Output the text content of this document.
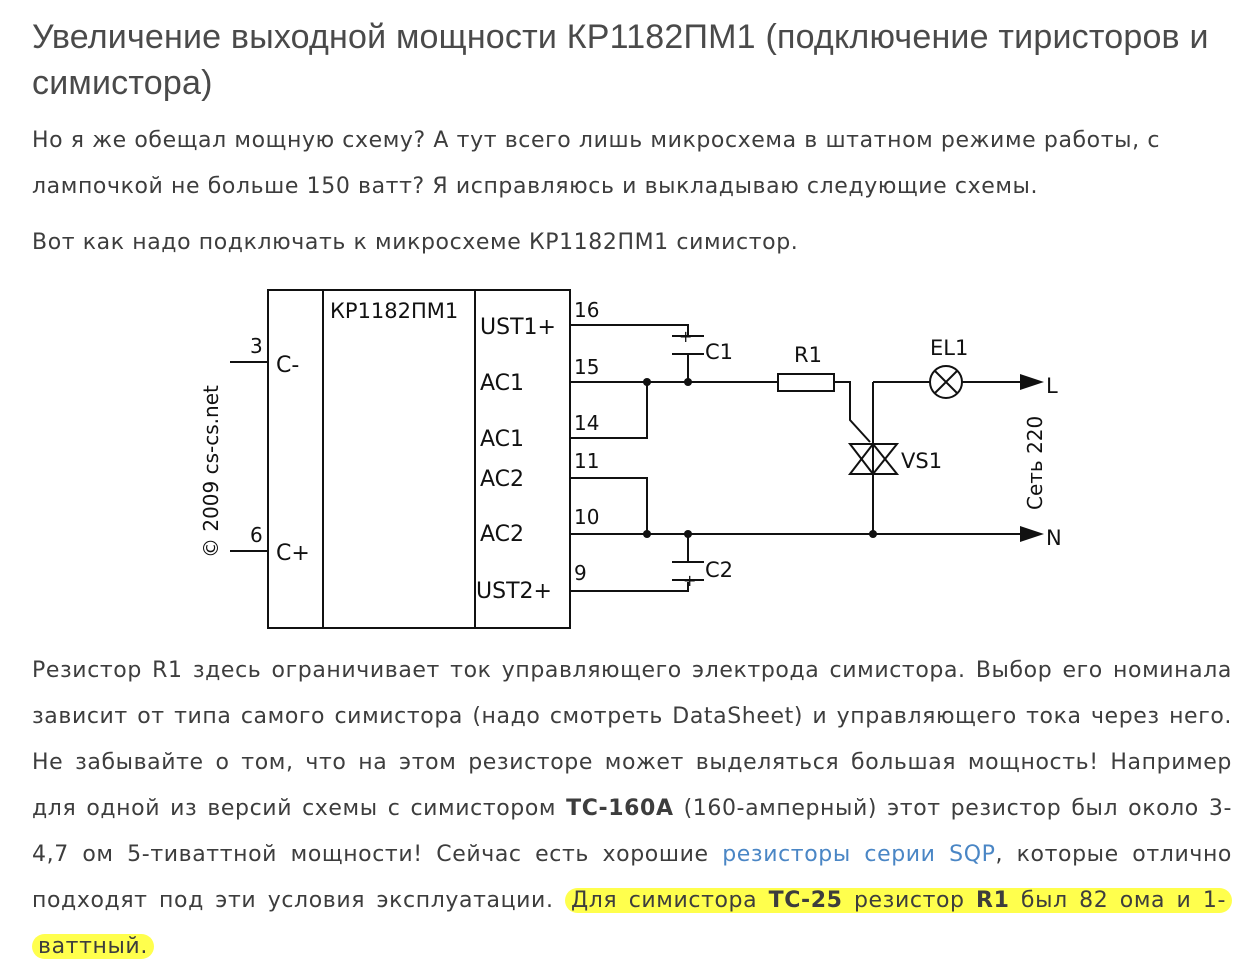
Увеличение выходной мощности КР1182ПМ1 (подключение тиристоров и симистора)

Но я же обещал мощную схему? А тут всего лишь микросхема в штатном режиме работы, с лампочкой не больше 150 ватт? Я исправляюсь и выкладываю следующие схемы.

Вот как надо подключать к микросхеме КР1182ПМ1 симистор.

КР1182ПМ1
3
C-
6
C+
16
UST1+
15
AC1
14
AC1
11
AC2
10
AC2
9
UST2+
+
C1
+ C2
R1	EL1
VS1
L
N
Сеть 220
© 2009 cs-cs.net

Резистор R1 здесь ограничивает ток управляющего электрода симистора. Выбор его номинала зависит от типа самого симистора (надо смотреть DataSheet) и управляющего тока через него. Не забывайте о том, что на этом резисторе может выделяться большая мощность! Например для одной из версий схемы с симистором ТС-160А (160-амперный) этот резистор был около 3-4,7 ом 5-тиваттной мощности! Сейчас есть хорошие резисторы серии SQP, которые отлично подходят под эти условия эксплуатации. Для симистора ТС-25 резистор R1 был 82 ома и 1-ваттный.
